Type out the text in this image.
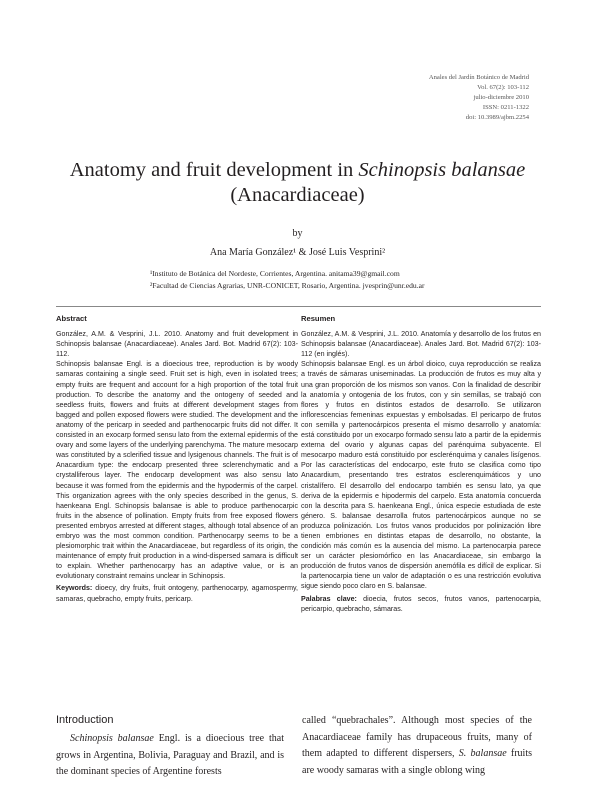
Anales del Jardín Botánico de Madrid
Vol. 67(2): 103-112
julio-diciembre 2010
ISSN: 0211-1322
doi: 10.3989/ajbm.2254
Anatomy and fruit development in Schinopsis balansae
(Anacardiaceae)
by
Ana María González¹ & José Luis Vesprini²
¹Instituto de Botánica del Nordeste, Corrientes, Argentina. anitama39@gmail.com
²Facultad de Ciencias Agrarias, UNR-CONICET, Rosario, Argentina. jvesprin@unr.edu.ar
Abstract

González, A.M. & Vesprini, J.L. 2010. Anatomy and fruit development in Schinopsis balansae (Anacardiaceae). Anales Jard. Bot. Madrid 67(2): 103-112.

Schinopsis balansae Engl. is a dioecious tree, reproduction is by woody samaras containing a single seed. Fruit set is high, even in isolated trees; empty fruits are frequent and account for a high proportion of the total fruit production. To describe the anatomy and the ontogeny of seeded and seedless fruits, flowers and fruits at different development stages from bagged and pollen exposed flowers were studied. The development and the anatomy of the pericarp in seeded and parthenocarpic fruits did not differ. It consisted in an exocarp formed sensu lato from the external epidermis of the ovary and some layers of the underlying parenchyma. The mature mesocarp was constituted by a sclerified tissue and lysigenous channels. The fruit is of Anacardium type: the endocarp presented three sclerenchymatic and a crystalliferous layer. The endocarp development was also sensu lato because it was formed from the epidermis and the hypodermis of the carpel. This organization agrees with the only species described in the genus, S. haenkeana Engl. Schinopsis balansae is able to produce parthenocarpic fruits in the absence of pollination. Empty fruits from free exposed flowers presented embryos arrested at different stages, although total absence of an embryo was the most common condition. Parthenocarpy seems to be a plesiomorphic trait within the Anacardiaceae, but regardless of its origin, the maintenance of empty fruit production in a wind-dispersed samara is difficult to explain. Whether parthenocarpy has an adaptive value, or is an evolutionary constraint remains unclear in Schinopsis.

Keywords: dioecy, dry fruits, fruit ontogeny, parthenocarpy, agamospermy, samaras, quebracho, empty fruits, pericarp.

Resumen

González, A.M. & Vesprini, J.L. 2010. Anatomía y desarrollo de los frutos en Schinopsis balansae (Anacardiaceae). Anales Jard. Bot. Madrid 67(2): 103-112 (en inglés).

Schinopsis balansae Engl. es un árbol dioico, cuya reproducción se realiza a través de sámaras uniseminadas. La producción de frutos es muy alta y una gran proporción de los mismos son vanos. Con la finalidad de describir la anatomía y ontogenia de los frutos, con y sin semillas, se trabajó con flores y frutos en distintos estados de desarrollo. Se utilizaron inflorescencias femeninas expuestas y embolsadas. El pericarpo de frutos con semilla y partenocárpicos presenta el mismo desarrollo y anatomía: está constituido por un exocarpo formado sensu lato a partir de la epidermis externa del ovario y algunas capas del parénquima subyacente. El mesocarpo maduro está constituido por esclerénquima y canales lisígenos. Por las características del endocarpo, este fruto se clasifica como tipo Anacardium, presentando tres estratos esclerenquimáticos y uno cristalífero. El desarrollo del endocarpo también es sensu lato, ya que deriva de la epidermis e hipodermis del carpelo. Esta anatomía concuerda con la descrita para S. haenkeana Engl., única especie estudiada de este género. S. balansae desarrolla frutos partenocárpicos aunque no se produzca polinización. Los frutos vanos producidos por polinización libre tienen embriones en distintas etapas de desarrollo, no obstante, la condición más común es la ausencia del mismo. La partenocarpia parece ser un carácter plesiomórfico en las Anacardiaceae, sin embargo la producción de frutos vanos de dispersión anemófila es difícil de explicar. Si la partenocarpia tiene un valor de adaptación o es una restricción evolutiva sigue siendo poco claro en S. balansae.

Palabras clave: dioecia, frutos secos, frutos vanos, partenocarpia, pericarpio, quebracho, sámaras.

Introduction

Schinopsis balansae Engl. is a dioecious tree that grows in Argentina, Bolivia, Paraguay and Brazil, and is the dominant species of Argentine forests

called “quebrachales”. Although most species of the Anacardiaceae family has drupaceous fruits, many of them adapted to different dispersers, S. balansae fruits are woody samaras with a single oblong wing
